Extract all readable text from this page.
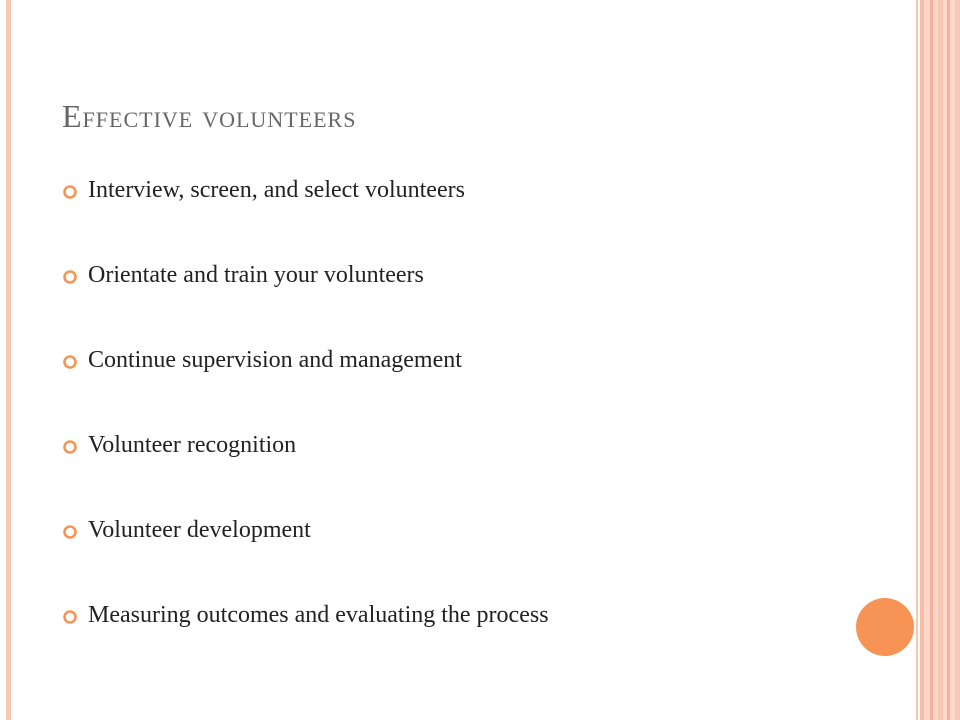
Effective volunteers
Interview, screen, and select volunteers
Orientate and train your volunteers
Continue supervision and management
Volunteer recognition
Volunteer development
Measuring outcomes and evaluating the process
